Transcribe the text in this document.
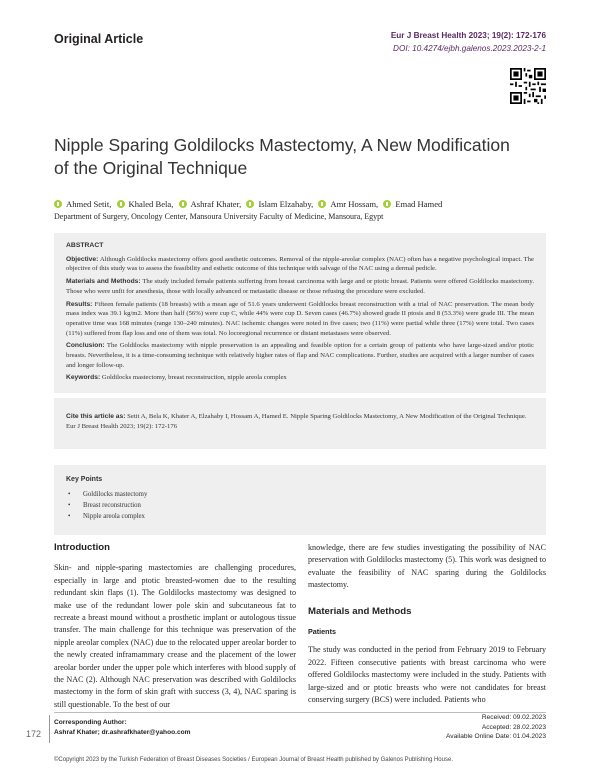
Original Article	Eur J Breast Health 2023; 19(2): 172-176
DOI: 10.4274/ejbh.galenos.2023.2023-2-1
Nipple Sparing Goldilocks Mastectomy, A New Modification of the Original Technique
Ahmed Setit,
Khaled Bela,
Ashraf Khater,
Islam Elzahaby,
Amr Hossam,
Emad Hamed
Department of Surgery, Oncology Center, Mansoura University Faculty of Medicine, Mansoura, Egypt
ABSTRACT
Objective: Although Goldilocks mastectomy offers good aesthetic outcomes. Removal of the nipple-areolar complex (NAC) often has a negative psychological impact. The objective of this study was to assess the feasibility and esthetic outcome of this technique with salvage of the NAC using a dermal pedicle.
Materials and Methods: The study included female patients suffering from breast carcinoma with large and or ptotic breast. Patients were offered Goldilocks mastectomy. Those who were unfit for anesthesia, those with locally advanced or metastatic disease or those refusing the procedure were excluded.
Results: Fifteen female patients (18 breasts) with a mean age of 51.6 years underwent Goldilocks breast reconstruction with a trial of NAC preservation. The mean body mass index was 39.1 kg/m2. More than half (56%) were cup C, while 44% were cup D. Seven cases (46.7%) showed grade II ptosis and 8 (53.3%) were grade III. The mean operative time was 168 minutes (range 130–240 minutes). NAC ischemic changes were noted in five cases; two (11%) were partial while three (17%) were total. Two cases (11%) suffered from flap loss and one of them was total. No locoregional recurrence or distant metastases were observed.
Conclusion: The Goldilocks mastectomy with nipple preservation is an appealing and feasible option for a certain group of patients who have large-sized and/or ptotic breasts. Nevertheless, it is a time-consuming technique with relatively higher rates of flap and NAC complications. Further, studies are acquired with a larger number of cases and longer follow-up.
Keywords: Goldilocks mastectomy, breast reconstruction, nipple areola complex
Cite this article as: Setit A, Bela K, Khater A, Elzahaby I, Hossam A, Hamed E. Nipple Sparing Goldilocks Mastectomy, A New Modification of the Original Technique. Eur J Breast Health 2023; 19(2): 172-176
Key Points
• Goldilocks mastectomy
• Breast reconstruction
• Nipple areola complex
Introduction
Skin- and nipple-sparing mastectomies are challenging procedures, especially in large and ptotic breasted-women due to the resulting redundant skin flaps (1). The Goldilocks mastectomy was designed to make use of the redundant lower pole skin and subcutaneous fat to recreate a breast mound without a prosthetic implant or autologous tissue transfer. The main challenge for this technique was preservation of the nipple areolar complex (NAC) due to the relocated upper areolar border to the newly created inframammary crease and the placement of the lower areolar border under the upper pole which interferes with blood supply of the NAC (2). Although NAC preservation was described with Goldilocks mastectomy in the form of skin graft with success (3, 4), NAC sparing is still questionable. To the best of our
knowledge, there are few studies investigating the possibility of NAC preservation with Goldilocks mastectomy (5). This work was designed to evaluate the feasibility of NAC sparing during the Goldilocks mastectomy.
Materials and Methods
Patients
The study was conducted in the period from February 2019 to February 2022. Fifteen consecutive patients with breast carcinoma who were offered Goldilocks mastectomy were included in the study. Patients with large-sized and or ptotic breasts who were not candidates for breast conserving surgery (BCS) were included. Patients who
172
Corresponding Author:
Ashraf Khater; dr.ashrafkhater@yahoo.com
Received: 09.02.2023
Accepted: 28.02.2023
Available Online Date: 01.04.2023
©Copyright 2023 by the Turkish Federation of Breast Diseases Societies / European Journal of Breast Health published by Galenos Publishing House.
